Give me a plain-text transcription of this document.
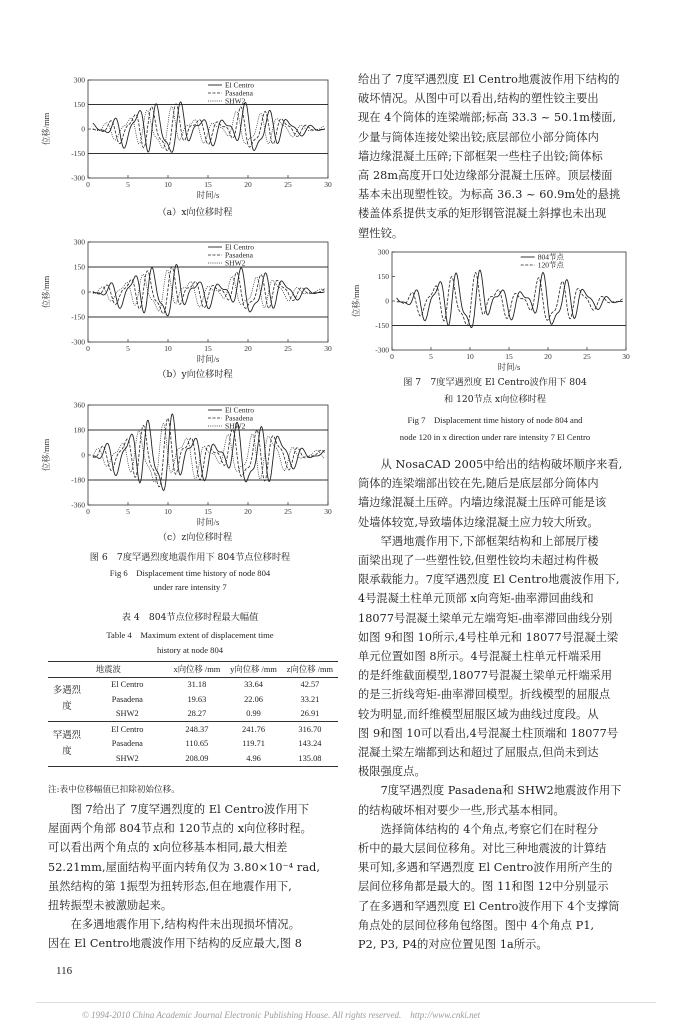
0	5	10	15	20	25	30
300
150
0
-150
-300
时间/s
位移/mm
El Centro
Pasadena
SHW2
（a）x向位移时程
0	5	10	15	20	25	30
300
150
0
-150
-300
时间/s
位移/mm
El Centro
Pasadena
SHW2
（b）y向位移时程
0	5	10	15	20	25	30
360
180
0
-180
-360
时间/s
位移/mm
El Centro
Pasadena
SHW2
（c）z向位移时程
图 6　7度罕遇烈度地震作用下 804节点位移时程
Fig 6　Displacement time history of node 804
under rare intensity 7
表 4　804节点位移时程最大幅值
Table 4　Maximum extent of displacement time
history at node 804
地震波		x向位移 /mm	y向位移 /mm	z向位移 /mm
多遇烈度	El Centro	31.18	33.64	42.57
	Pasadena	19.63	22.06	33.21
	SHW2	28.27	0.99	26.91
罕遇烈度	El Centro	248.37	241.76	316.70
	Pasadena	110.65	119.71	143.24
	SHW2	208.09	4.96	135.08
注:表中位移幅值已扣除初始位移。
　　图 7给出了 7度罕遇烈度的 El Centro波作用下
屋面两个角部 804节点和 120节点的 x向位移时程。
可以看出两个角点的 x向位移基本相同,最大相差
52.21mm,屋面结构平面内转角仅为 3.80×10⁻⁴ rad,
虽然结构的第 1振型为扭转形态,但在地震作用下,
扭转振型未被激励起来。
　　在多遇地震作用下,结构构件未出现损坏情况。
因在 El Centro地震波作用下结构的反应最大,图 8
116
给出了 7度罕遇烈度 El Centro地震波作用下结构的
破坏情况。从图中可以看出,结构的塑性铰主要出
现在 4个筒体的连梁端部;标高 33.3 ~ 50.1m楼面,
少量与筒体连接处梁出铰;底层部位小部分筒体内
墙边缘混凝土压碎;下部框架一些柱子出铰;筒体标
高 28m高度开口处边缘部分混凝土压碎。顶层楼面
基本未出现塑性铰。为标高 36.3 ~ 60.9m处的悬挑
楼盖体系提供支承的矩形钢管混凝土斜撑也未出现
塑性铰。
0	5	10	15	20	25	30
300
150
0
-150
-300
时间/s
位移/mm
804节点
120节点
图 7　7度罕遇烈度 El Centro波作用下 804
和 120节点 x向位移时程
Fig 7　Displacement time history of node 804 and
node 120 in x direction under rare intensity 7 El Centro
　　从 NosaCAD 2005中给出的结构破坏顺序来看,
筒体的连梁端部出铰在先,随后是底层部分筒体内
墙边缘混凝土压碎。内墙边缘混凝土压碎可能是该
处墙体较宽,导致墙体边缘混凝土应力较大所致。
　　罕遇地震作用下,下部框架结构和上部展厅楼
面梁出现了一些塑性铰,但塑性铰均未超过构件极
限承载能力。7度罕遇烈度 El Centro地震波作用下,
4号混凝土柱单元顶部 x向弯矩-曲率滞回曲线和
18077号混凝土梁单元左端弯矩-曲率滞回曲线分别
如图 9和图 10所示,4号柱单元和 18077号混凝土梁
单元位置如图 8所示。4号混凝土柱单元杆端采用
的是纤维截面模型,18077号混凝土梁单元杆端采用
的是三折线弯矩-曲率滞回模型。折线模型的屈服点
较为明显,而纤维模型屈服区域为曲线过度段。从
图 9和图 10可以看出,4号混凝土柱顶端和 18077号
混凝土梁左端都到达和超过了屈服点,但尚未到达
极限强度点。
　　7度罕遇烈度 Pasadena和 SHW2地震波作用下
的结构破坏相对要少一些,形式基本相同。
　　选择筒体结构的 4个角点,考察它们在时程分
析中的最大层间位移角。对比三种地震波的计算结
果可知,多遇和罕遇烈度 El Centro波作用所产生的
层间位移角都是最大的。图 11和图 12中分别显示
了在多遇和罕遇烈度 El Centro波作用下 4个支撑筒
角点处的层间位移角包络图。图中 4个角点 P1,
P2, P3, P4的对应位置见图 1a所示。
© 1994-2010 China Academic Journal Electronic Publishing House. All rights reserved.　http://www.cnki.net
